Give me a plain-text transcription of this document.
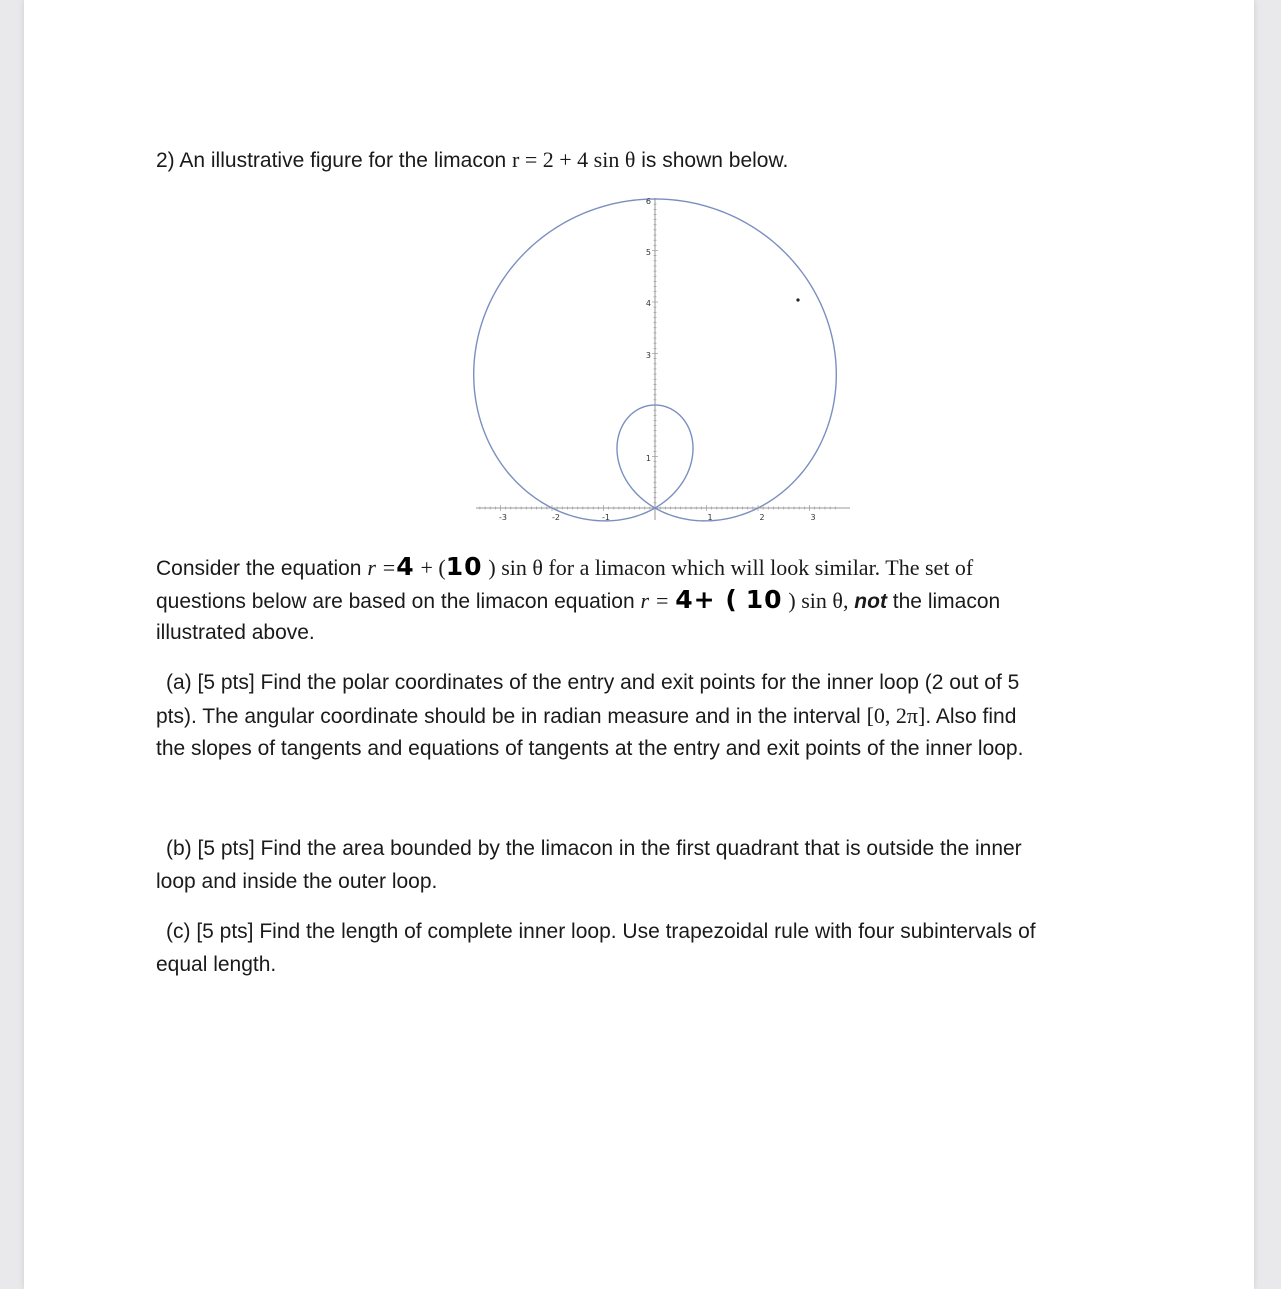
2) An illustrative figure for the limacon r = 2 + 4 sin θ is shown below.
-3	-2	-1	1	2	3
1
3
4
5
6
Consider the equation r =4 + (10 ) sin θ for a limacon which will look similar. The set of
questions below are based on the limacon equation r = 4+ ( 10 ) sin θ, not the limacon
illustrated above.
(a) [5 pts] Find the polar coordinates of the entry and exit points for the inner loop (2 out of 5
pts). The angular coordinate should be in radian measure and in the interval [0, 2π]. Also find
the slopes of tangents and equations of tangents at the entry and exit points of the inner loop.
(b) [5 pts] Find the area bounded by the limacon in the first quadrant that is outside the inner
loop and inside the outer loop.
(c) [5 pts] Find the length of complete inner loop. Use trapezoidal rule with four subintervals of
equal length.
